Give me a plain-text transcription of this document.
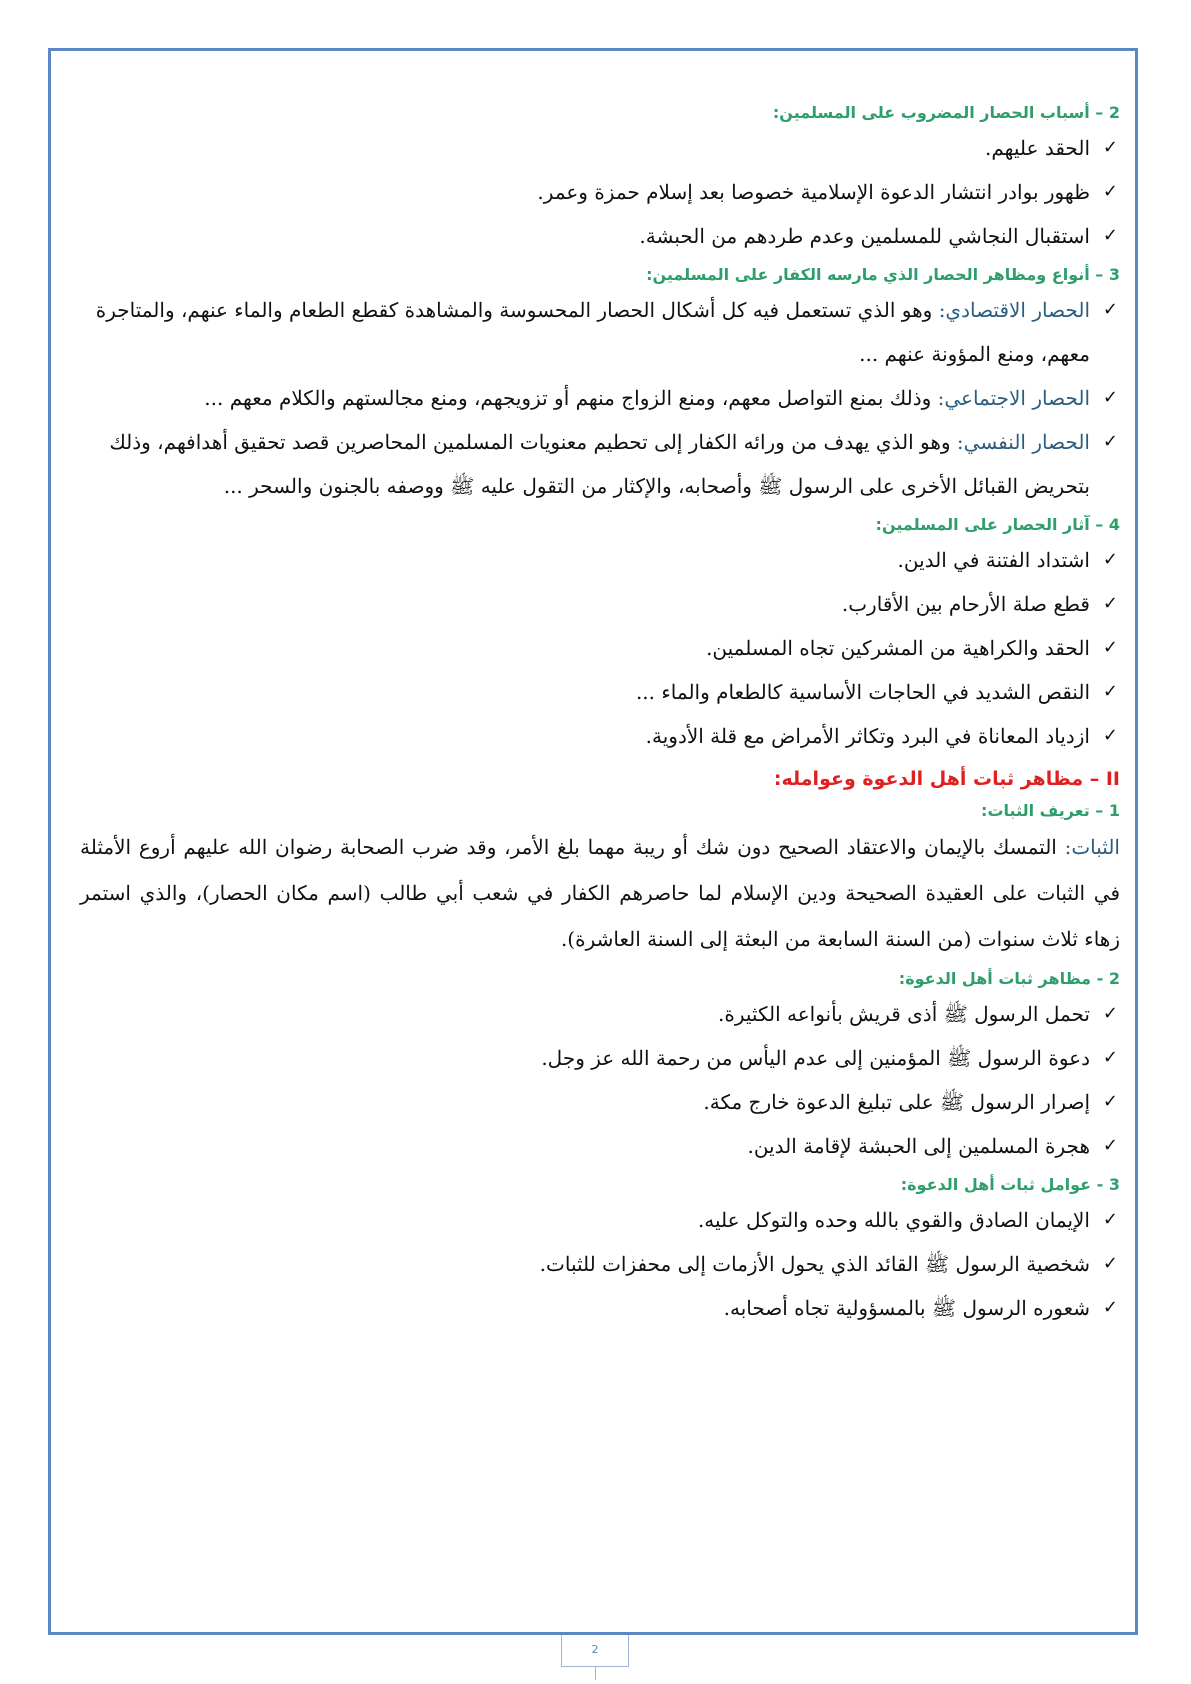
2 – أسباب الحصار المضروب على المسلمين:
✓
الحقد عليهم.
✓
ظهور بوادر انتشار الدعوة الإسلامية خصوصا بعد إسلام حمزة وعمر.
✓
استقبال النجاشي للمسلمين وعدم طردهم من الحبشة.
3 – أنواع ومظاهر الحصار الذي مارسه الكفار على المسلمين:
✓
الحصار الاقتصادي: وهو الذي تستعمل فيه كل أشكال الحصار المحسوسة والمشاهدة كقطع الطعام والماء عنهم، والمتاجرة معهم، ومنع المؤونة عنهم ...
✓
الحصار الاجتماعي: وذلك بمنع التواصل معهم، ومنع الزواج منهم أو تزويجهم، ومنع مجالستهم والكلام معهم ...
✓
الحصار النفسي: وهو الذي يهدف من ورائه الكفار إلى تحطيم معنويات المسلمين المحاصرين قصد تحقيق أهدافهم، وذلك بتحريض القبائل الأخرى على الرسول ﷺ وأصحابه، والإكثار من التقول عليه ﷺ ووصفه بالجنون والسحر ...
4 – آثار الحصار على المسلمين:
✓
اشتداد الفتنة في الدين.
✓
قطع صلة الأرحام بين الأقارب.
✓
الحقد والكراهية من المشركين تجاه المسلمين.
✓
النقص الشديد في الحاجات الأساسية كالطعام والماء ...
✓
ازدياد المعاناة في البرد وتكاثر الأمراض مع قلة الأدوية.
II – مظاهر ثبات أهل الدعوة وعوامله:
1 – تعريف الثبات:

الثبات: التمسك بالإيمان والاعتقاد الصحيح دون شك أو ريبة مهما بلغ الأمر، وقد ضرب الصحابة رضوان الله عليهم أروع الأمثلة في الثبات على العقيدة الصحيحة ودين الإسلام لما حاصرهم الكفار في شعب أبي طالب (اسم مكان الحصار)، والذي استمر زهاء ثلاث سنوات (من السنة السابعة من البعثة إلى السنة العاشرة).

2 - مظاهر ثبات أهل الدعوة:
✓
تحمل الرسول ﷺ أذى قريش بأنواعه الكثيرة.
✓
دعوة الرسول ﷺ المؤمنين إلى عدم اليأس من رحمة الله عز وجل.
✓
إصرار الرسول ﷺ على تبليغ الدعوة خارج مكة.
✓
هجرة المسلمين إلى الحبشة لإقامة الدين.
3 - عوامل ثبات أهل الدعوة:
✓
الإيمان الصادق والقوي بالله وحده والتوكل عليه.
✓
شخصية الرسول ﷺ القائد الذي يحول الأزمات إلى محفزات للثبات.
✓
شعوره الرسول ﷺ بالمسؤولية تجاه أصحابه.
2
